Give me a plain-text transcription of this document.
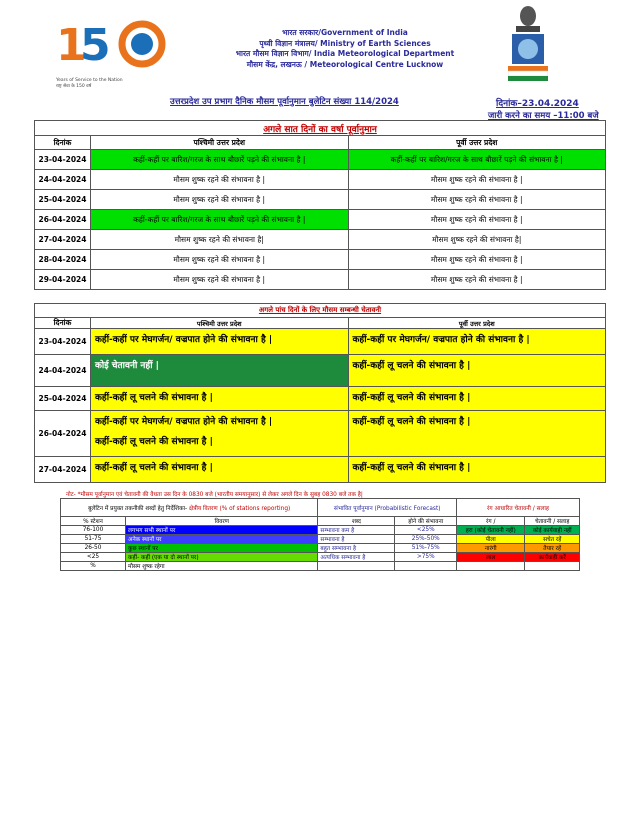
1
5
Years of Service to the Nation
राष्ट्र सेवा के 150 वर्ष
भारत सरकार/Government of India
पृथ्वी विज्ञान मंत्रालय/ Ministry of Earth Sciences
भारत मौसम विज्ञान विभाग/ India Meteorological Department
मौसम केंद्र, लखनऊ / Meteorological Centre Lucknow
उत्तरप्रदेश उप प्रभाग दैनिक मौसम पूर्वानुमान बुलेटिन संख्या 114/2024	दिनांक–23.04.2024
जारी करने का समय –11:00 बजे
अगले सात दिनों का वर्षा पूर्वानुमान		
दिनांक	पश्चिमी उत्तर प्रदेश	पूर्वी उत्तर प्रदेश
23-04-2024	कहीं-कहीं पर बारिश/गरज के साथ बौछारें पड़ने की संभावना है |	कहीं-कहीं पर बारिश/गरज के साथ बौछारें पड़ने की संभावना है |
24-04-2024	मौसम शुष्क रहने की संभावना है |	मौसम शुष्क रहने की संभावना है |
25-04-2024	मौसम शुष्क रहने की संभावना है |	मौसम शुष्क रहने की संभावना है |
26-04-2024	कहीं-कहीं पर बारिश/गरज के साथ बौछारें पड़ने की संभावना है |	मौसम शुष्क रहने की संभावना है |
27-04-2024	मौसम शुष्क रहने की संभावना है|	मौसम शुष्क रहने की संभावना है|
28-04-2024	मौसम शुष्क रहने की संभावना है |	मौसम शुष्क रहने की संभावना है |
29-04-2024	मौसम शुष्क रहने की संभावना है |	मौसम शुष्क रहने की संभावना है |
अगले पांच दिनों के लिए मौसम सम्बन्धी चेतावनी		
दिनांक	पश्चिमी उत्तर प्रदेश	पूर्वी उत्तर प्रदेश
23-04-2024	कहीं-कहीं पर मेघगर्जन/ वज्रपात होने की संभावना है |	कहीं-कहीं पर मेघगर्जन/ वज्रपात होने की संभावना है |

24-04-2024	कोई चेतावनी नहीं |	कहीं-कहीं लू चलने की संभावना है |

25-04-2024	कहीं-कहीं लू चलने की संभावना है |	कहीं-कहीं लू चलने की संभावना है |

26-04-2024	कहीं-कहीं पर मेघगर्जन/ वज्रपात होने की संभावना है |
कहीं-कहीं लू चलने की संभावना है |	कहीं-कहीं लू चलने की संभावना है |

27-04-2024	कहीं-कहीं लू चलने की संभावना है |	कहीं-कहीं लू चलने की संभावना है |
नोट- *मौसम पूर्वानुमान एवं चेतावनी की वैधता उस दिन के 0830 बजे (भारतीय समयानुसार) से लेकर अगले दिन के सुबह 0830 बजे तक है|
बुलेटिन में प्रयुक्त तकनीकी शब्दों हेतु निर्देशिका- क्षेत्रीय वितरण (% of stations reporting)		संभावित पूर्वानुमान (Probabilistic Forecast)		रंग आधारित चेतावनी / सलाह	
% स्टेशन	विवरण	शब्द	होने की संभावना	रंग /	चेतावनी / सलाह
76-100	लगभग सभी स्थानों पर	सम्भावना कम है	<25%	हरा (कोई चेतावनी नहीं)	कोई कार्यवाही नहीं
51-75	अनेक स्थानों पर	सम्भावना है	25%-50%	पीला	सचेत रहें
26-50	कुछ स्थानों पर	बहुत सम्भावना है	51%-75%	नारंगी	तैयार रहें
<25	कहीं- कहीं (एक या दो स्थानों पर)	अत्यधिक सम्भावना है	>75%	लाल	कार्यवाही करें
%	मौसम शुष्क रहेगा				
